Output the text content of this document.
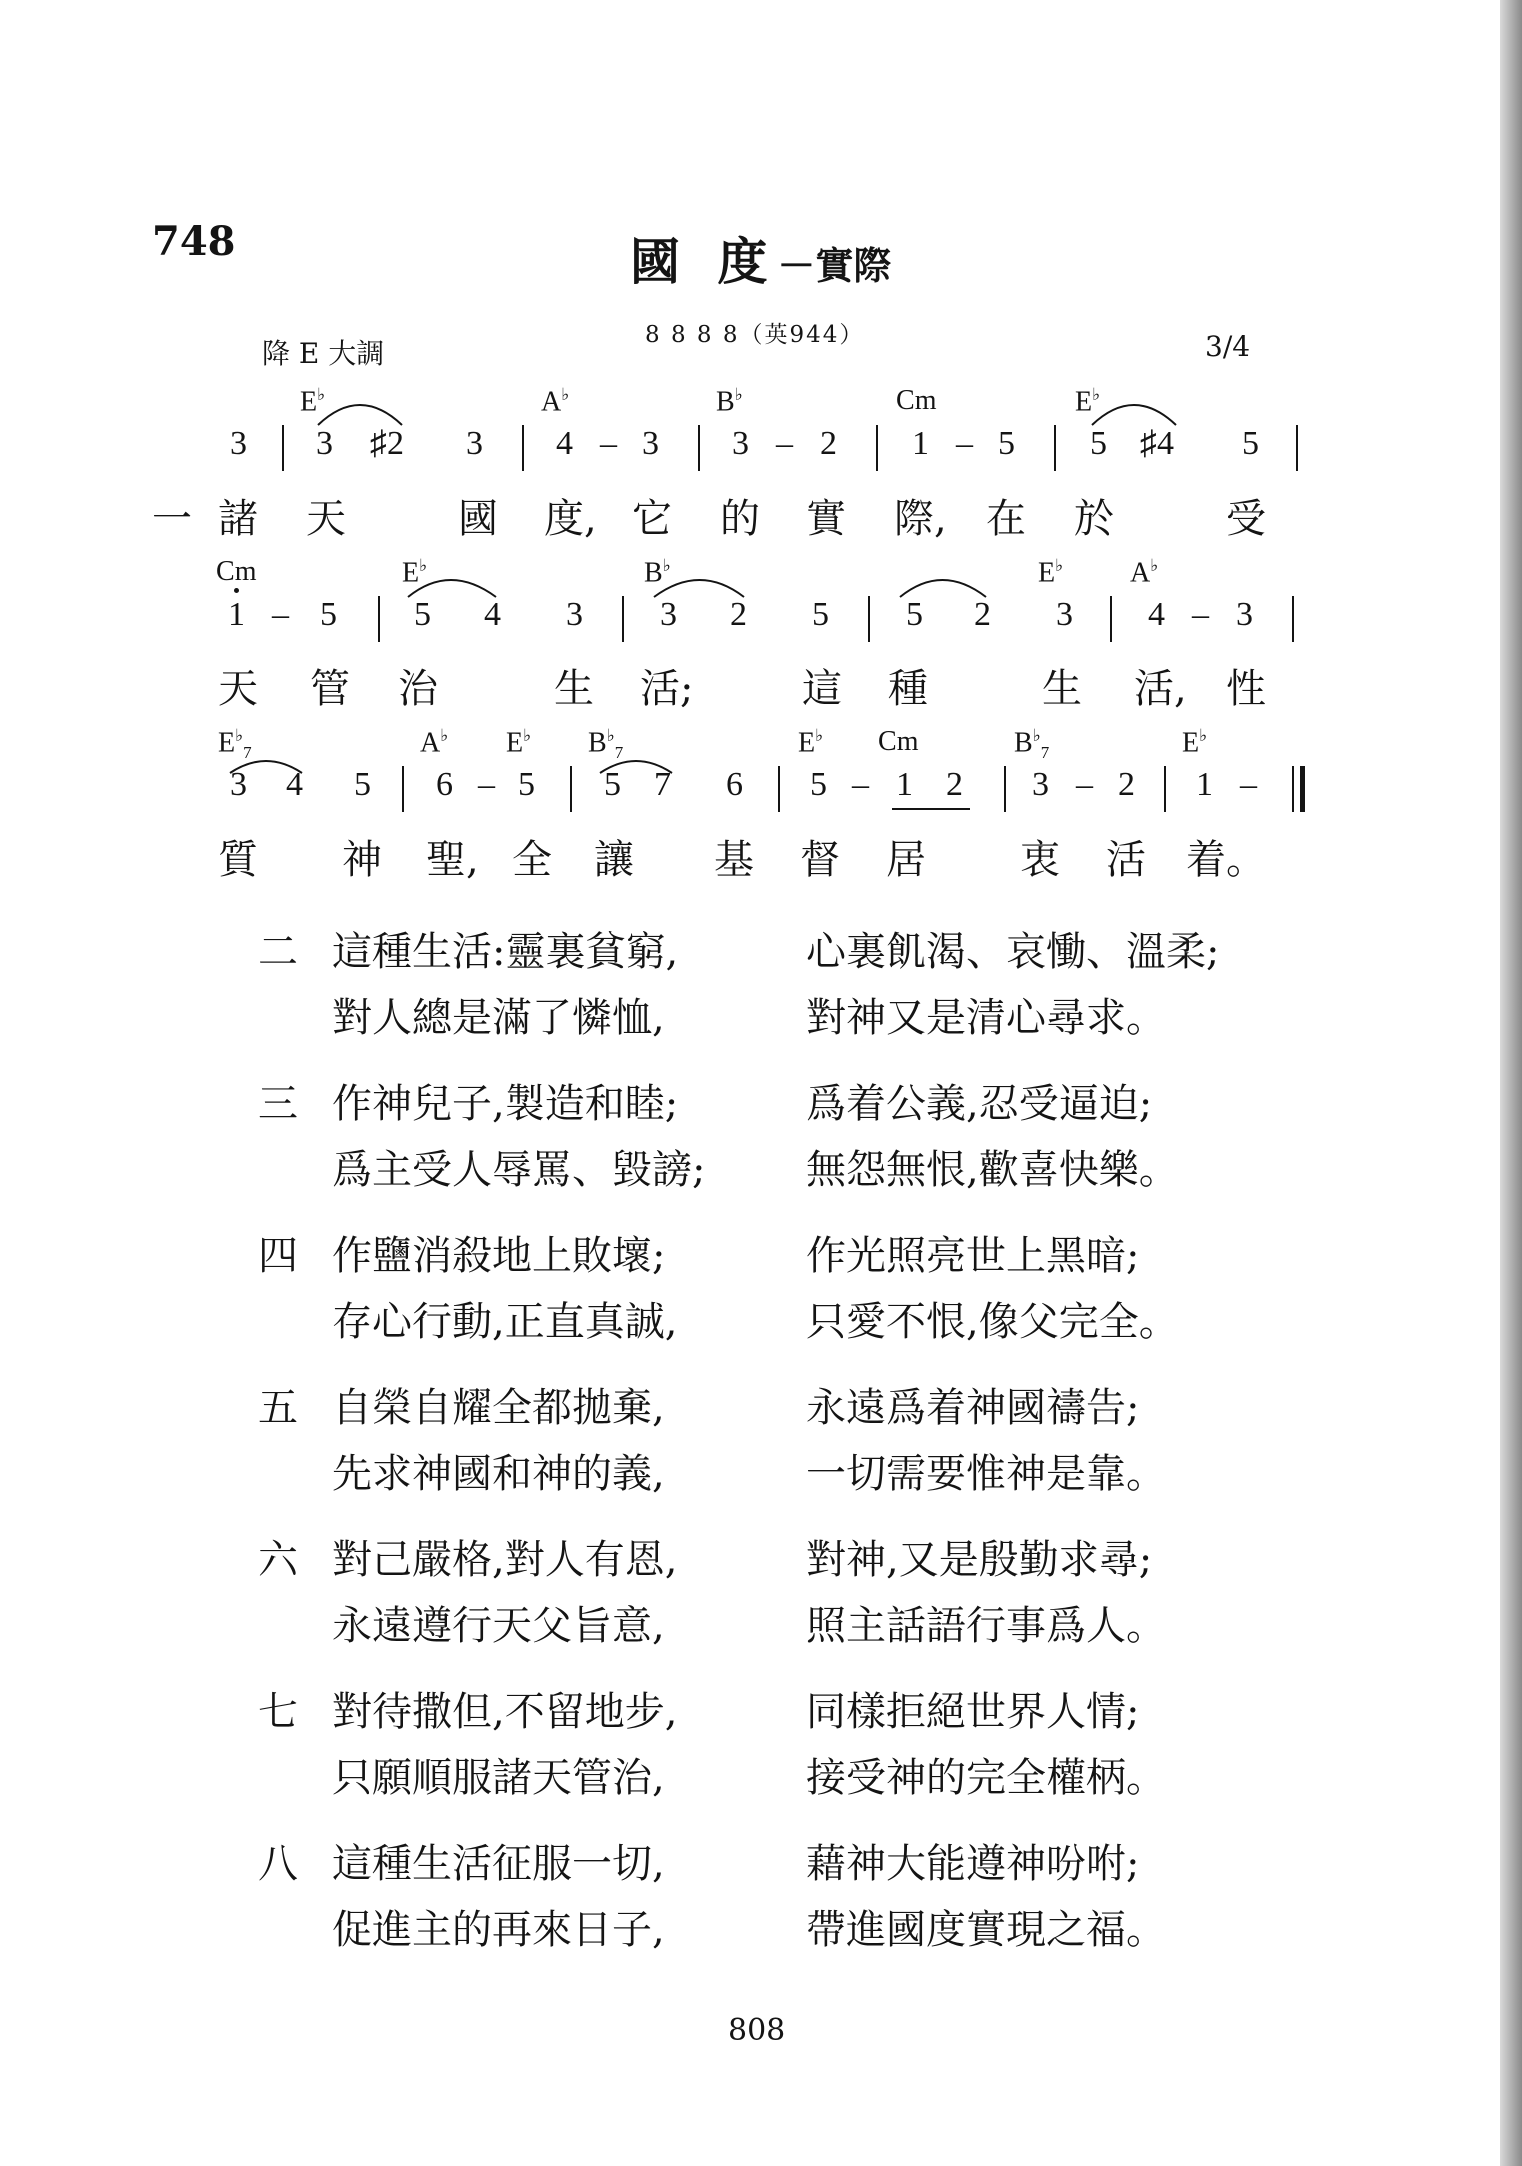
748	國 度－實際
8 8 8 8（英944）
降 E 大調	3/4
E♭	A♭	B♭	Cm	E♭
3 3 ♯2 3 4 – 3 3 – 2 1 – 5 5 ♯4 5
一 諸 天	國 度, 它 的 實 際, 在 於	受
Cm	E♭	B♭	E♭ A♭
1 – 5 5 4 3 3 2 5 5 2 3 4 – 3
天 管 治	生 活;	這 種	生 活, 性
$E^♭_7$	A♭ E♭ $B^♭_7$	E♭ Cm	$B^♭_7$	E♭
3 4 5 6 – 5 5 7 6 5 – 1 2 3 – 2 1 –
質 神 聖, 全 讓 基 督 居 衷 活 着。
二 這種生活:靈裏貧窮,	心裏飢渴、哀慟、溫柔;
對人總是滿了憐恤,	對神又是清心尋求。
三 作神兒子,製造和睦;	爲着公義,忍受逼迫;
爲主受人辱罵、毀謗;	無怨無恨,歡喜快樂。
四 作鹽消殺地上敗壞;	作光照亮世上黑暗;
存心行動,正直真誠,	只愛不恨,像父完全。
五 自榮自耀全都拋棄,	永遠爲着神國禱告;
先求神國和神的義,	一切需要惟神是靠。
六 對己嚴格,對人有恩,	對神,又是殷勤求尋;
永遠遵行天父旨意,	照主話語行事爲人。
七 對待撒但,不留地步,	同樣拒絕世界人情;
只願順服諸天管治,	接受神的完全權柄。
八 這種生活征服一切,	藉神大能遵神吩咐;
促進主的再來日子,	帶進國度實現之福。
808
